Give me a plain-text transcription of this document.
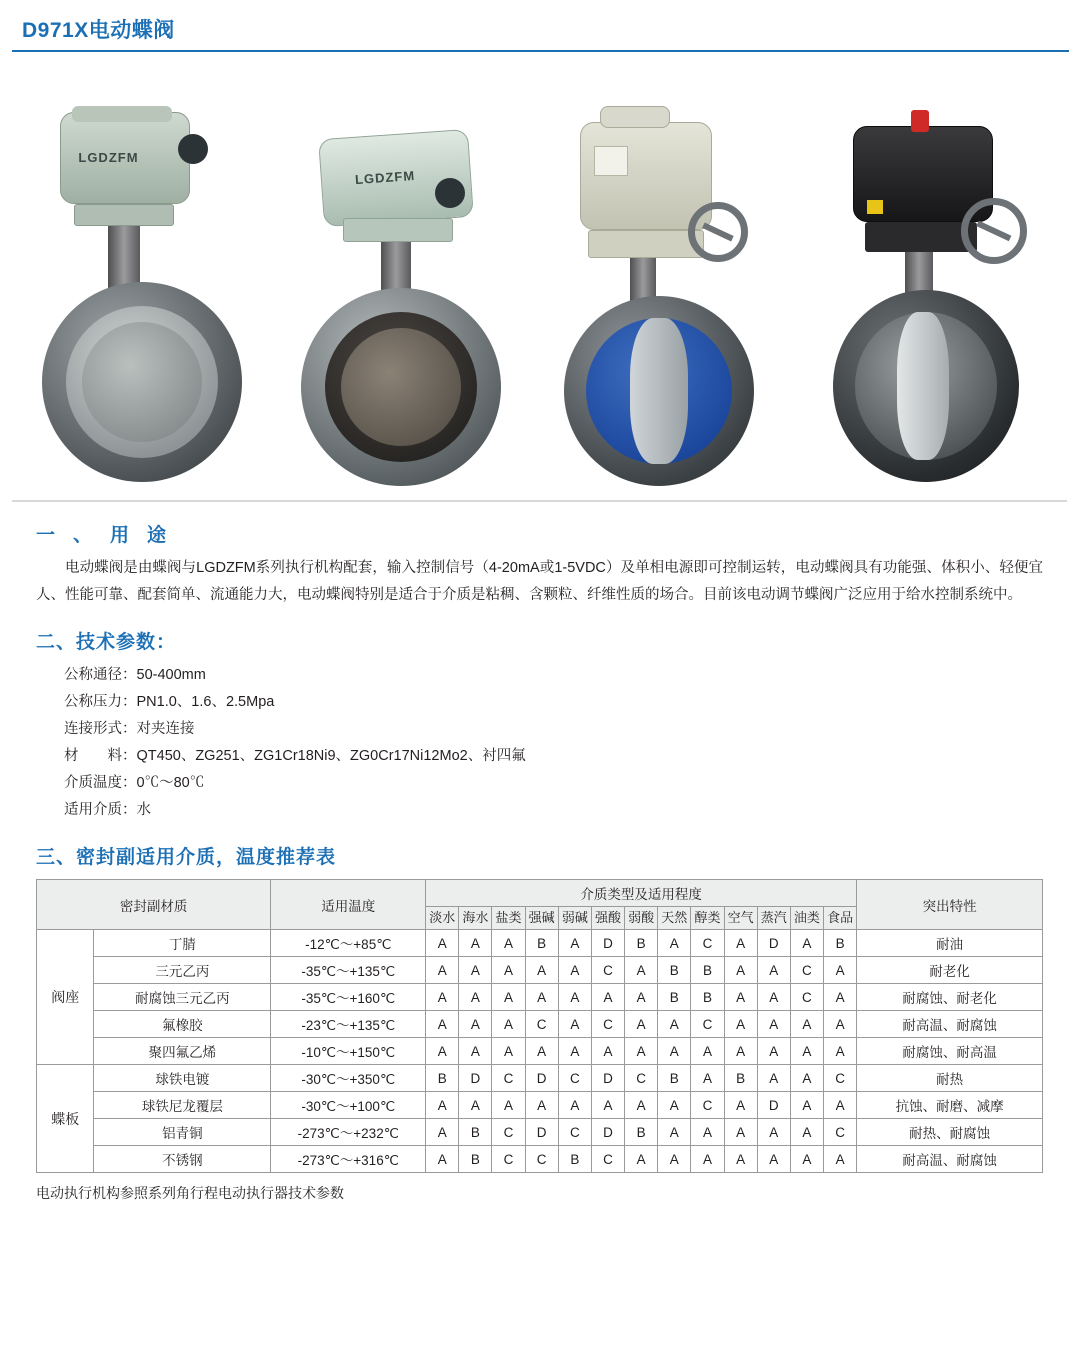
D971X电动蝶阀
LGDZFM
LGDZFM
一、用途

电动蝶阀是由蝶阀与LGDZFM系列执行机构配套，输入控制信号（4-20mA或1-5VDC）及单相电源即可控制运转，电动蝶阀具有功能强、体积小、轻便宜人、性能可靠、配套简单、流通能力大，电动蝶阀特别是适合于介质是粘稠、含颗粒、纤维性质的场合。目前该电动调节蝶阀广泛应用于给水控制系统中。

二、技术参数：
公称通径：50-400mm
公称压力：PN1.0、1.6、2.5Mpa
连接形式：对夹连接
材　　料：QT450、ZG251、ZG1Cr18Ni9、ZG0Cr17Ni12Mo2、衬四氟
介质温度：0℃～80℃
适用介质：水
三、密封副适用介质，温度推荐表
密封副材质		适用温度	介质类型及适用程度													突出特性

			淡水	海水	盐类	强碱	弱碱	强酸	弱酸	天然	醇类	空气	蒸汽	油类	食品	

阀座	丁腈	-12℃～+85℃	A	A	A	B	A	D	B	A	C	A	D	A	B	耐油
	三元乙丙	-35℃～+135℃	A	A	A	A	A	C	A	B	B	A	A	C	A	耐老化
	耐腐蚀三元乙丙	-35℃～+160℃	A	A	A	A	A	A	A	B	B	A	A	C	A	耐腐蚀、耐老化
	氟橡胶	-23℃～+135℃	A	A	A	C	A	C	A	A	C	A	A	A	A	耐高温、耐腐蚀
	聚四氟乙烯	-10℃～+150℃	A	A	A	A	A	A	A	A	A	A	A	A	A	耐腐蚀、耐高温
蝶板	球铁电镀	-30℃～+350℃	B	D	C	D	C	D	C	B	A	B	A	A	C	耐热
	球铁尼龙覆层	-30℃～+100℃	A	A	A	A	A	A	A	A	C	A	D	A	A	抗蚀、耐磨、减摩
	铝青铜	-273℃～+232℃	A	B	C	D	C	D	B	A	A	A	A	A	C	耐热、耐腐蚀
	不锈钢	-273℃～+316℃	A	B	C	C	B	C	A	A	A	A	A	A	A	耐高温、耐腐蚀

电动执行机构参照系列角行程电动执行器技术参数
